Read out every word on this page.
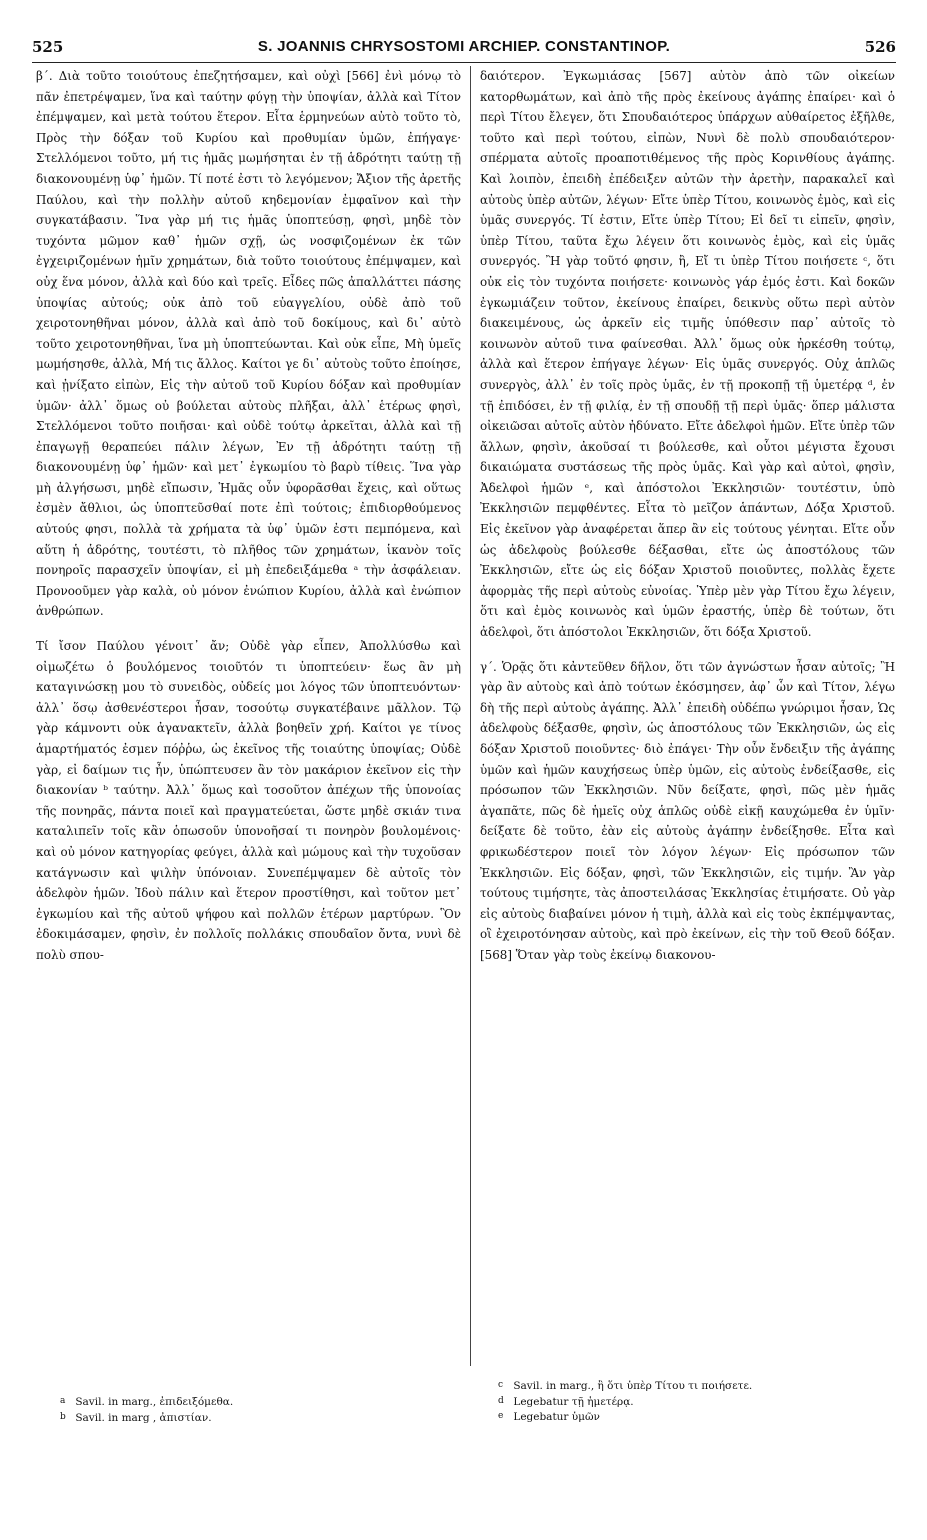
525	S. JOANNIS CHRYSOSTOMI ARCHIEP. CONSTANTINOP.	526

β΄. Διὰ τοῦτο τοιούτους ἐπεζητήσαμεν, καὶ οὐχὶ [566] ἐνὶ μόνῳ τὸ πᾶν ἐπετρέψαμεν, ἵνα καὶ ταύτην φύγῃ τὴν ὑποψίαν, ἀλλὰ καὶ Τίτον ἐπέμψαμεν, καὶ μετὰ τούτου ἕτερον. Εἶτα ἑρμηνεύων αὐτὸ τοῦτο τὸ, Πρὸς τὴν δόξαν τοῦ Κυρίου καὶ προθυμίαν ὑμῶν, ἐπήγαγε· Στελλόμενοι τοῦτο, μή τις ἡμᾶς μωμήσηται ἐν τῇ ἁδρότητι ταύτῃ τῇ διακονουμένῃ ὑφ᾽ ἡμῶν. Τί ποτέ ἐστι τὸ λεγόμενον; Ἄξιον τῆς ἀρετῆς Παύλου, καὶ τὴν πολλὴν αὐτοῦ κηδεμονίαν ἐμφαῖνον καὶ τὴν συγκατάβασιν. Ἵνα γὰρ μή τις ἡμᾶς ὑποπτεύσῃ, φησὶ, μηδὲ τὸν τυχόντα μῶμον καθ᾽ ἡμῶν σχῇ, ὡς νοσφιζομένων ἐκ τῶν ἐγχειριζομένων ἡμῖν χρημάτων, διὰ τοῦτο τοιούτους ἐπέμψαμεν, καὶ οὐχ ἕνα μόνον, ἀλλὰ καὶ δύο καὶ τρεῖς. Εἶδες πῶς ἀπαλλάττει πάσης ὑποψίας αὐτούς; οὐκ ἀπὸ τοῦ εὐαγγελίου, οὐδὲ ἀπὸ τοῦ χειροτονηθῆναι μόνον, ἀλλὰ καὶ ἀπὸ τοῦ δοκίμους, καὶ δι᾽ αὐτὸ τοῦτο χειροτονηθῆναι, ἵνα μὴ ὑποπτεύωνται. Καὶ οὐκ εἶπε, Μὴ ὑμεῖς μωμήσησθε, ἀλλὰ, Μή τις ἄλλος. Καίτοι γε δι᾽ αὐτοὺς τοῦτο ἐποίησε, καὶ ᾐνίξατο εἰπὼν, Εἰς τὴν αὐτοῦ τοῦ Κυρίου δόξαν καὶ προθυμίαν ὑμῶν· ἀλλ᾽ ὅμως οὐ βούλεται αὐτοὺς πλῆξαι, ἀλλ᾽ ἑτέρως φησὶ, Στελλόμενοι τοῦτο ποιῆσαι· καὶ οὐδὲ τούτῳ ἀρκεῖται, ἀλλὰ καὶ τῇ ἐπαγωγῇ θεραπεύει πάλιν λέγων, Ἐν τῇ ἁδρότητι ταύτῃ τῇ διακονουμένῃ ὑφ᾽ ἡμῶν· καὶ μετ᾽ ἐγκωμίου τὸ βαρὺ τίθεις. Ἵνα γὰρ μὴ ἀλγήσωσι, μηδὲ εἴπωσιν, Ἡμᾶς οὖν ὑφορᾶσθαι ἔχεις, καὶ οὕτως ἐσμὲν ἄθλιοι, ὡς ὑποπτεῦσθαί ποτε ἐπὶ τούτοις; ἐπιδιορθούμενος αὐτούς φησι, πολλὰ τὰ χρήματα τὰ ὑφ᾽ ὑμῶν ἐστι πεμπόμενα, καὶ αὕτη ἡ ἁδρότης, τουτέστι, τὸ πλῆθος τῶν χρημάτων, ἱκανὸν τοῖς πονηροῖς παρασχεῖν ὑποψίαν, εἰ μὴ ἐπεδειξάμεθα ᵃ τὴν ἀσφάλειαν. Προνοοῦμεν γὰρ καλὰ, οὐ μόνον ἐνώπιον Κυρίου, ἀλλὰ καὶ ἐνώπιον ἀνθρώπων.

Τί ἴσον Παύλου γένοιτ᾽ ἄν; Οὐδὲ γὰρ εἶπεν, Ἀπολλύσθω καὶ οἰμωζέτω ὁ βουλόμενος τοιοῦτόν τι ὑποπτεύειν· ἕως ἂν μὴ καταγινώσκῃ μου τὸ συνειδὸς, οὐδείς μοι λόγος τῶν ὑποπτευόντων· ἀλλ᾽ ὅσῳ ἀσθενέστεροι ἦσαν, τοσούτῳ συγκατέβαινε μᾶλλον. Τῷ γὰρ κάμνοντι οὐκ ἀγανακτεῖν, ἀλλὰ βοηθεῖν χρή. Καίτοι γε τίνος ἁμαρτήματός ἐσμεν πόῤῥω, ὡς ἐκεῖνος τῆς τοιαύτης ὑποψίας; Οὐδὲ γὰρ, εἰ δαίμων τις ἦν, ὑπώπτευσεν ἂν τὸν μακάριον ἐκεῖνον εἰς τὴν διακονίαν ᵇ ταύτην. Ἀλλ᾽ ὅμως καὶ τοσοῦτον ἀπέχων τῆς ὑπονοίας τῆς πονηρᾶς, πάντα ποιεῖ καὶ πραγματεύεται, ὥστε μηδὲ σκιάν τινα καταλιπεῖν τοῖς κἂν ὁπωσοῦν ὑπονοῆσαί τι πονηρὸν βουλομένοις· καὶ οὐ μόνον κατηγορίας φεύγει, ἀλλὰ καὶ μώμους καὶ τὴν τυχοῦσαν κατάγνωσιν καὶ ψιλὴν ὑπόνοιαν. Συνεπέμψαμεν δὲ αὐτοῖς τὸν ἀδελφὸν ἡμῶν. Ἰδοὺ πάλιν καὶ ἕτερον προστίθησι, καὶ τοῦτον μετ᾽ ἐγκωμίου καὶ τῆς αὐτοῦ ψήφου καὶ πολλῶν ἑτέρων μαρτύρων. Ὃν ἐδοκιμάσαμεν, φησὶν, ἐν πολλοῖς πολλάκις σπουδαῖον ὄντα, νυνὶ δὲ πολὺ σπου-

δαιότερον. Ἐγκωμιάσας [567] αὐτὸν ἀπὸ τῶν οἰκείων κατορθωμάτων, καὶ ἀπὸ τῆς πρὸς ἐκείνους ἀγάπης ἐπαίρει· καὶ ὁ περὶ Τίτου ἔλεγεν, ὅτι Σπουδαιότερος ὑπάρχων αὐθαίρετος ἐξῆλθε, τοῦτο καὶ περὶ τούτου, εἰπὼν, Νυνὶ δὲ πολὺ σπουδαιότερον· σπέρματα αὐτοῖς προαποτιθέμενος τῆς πρὸς Κορινθίους ἀγάπης. Καὶ λοιπὸν, ἐπειδὴ ἐπέδειξεν αὐτῶν τὴν ἀρετὴν, παρακαλεῖ καὶ αὐτοὺς ὑπὲρ αὐτῶν, λέγων· Εἴτε ὑπὲρ Τίτου, κοινωνὸς ἐμὸς, καὶ εἰς ὑμᾶς συνεργός. Τί ἐστιν, Εἴτε ὑπὲρ Τίτου; Εἰ δεῖ τι εἰπεῖν, φησὶν, ὑπὲρ Τίτου, ταῦτα ἔχω λέγειν ὅτι κοινωνὸς ἐμὸς, καὶ εἰς ὑμᾶς συνεργός. Ἢ γὰρ τοῦτό φησιν, ἢ, Εἴ τι ὑπὲρ Τίτου ποιήσετε ᶜ, ὅτι οὐκ εἰς τὸν τυχόντα ποιήσετε· κοινωνὸς γάρ ἐμός ἐστι. Καὶ δοκῶν ἐγκωμιάζειν τοῦτον, ἐκείνους ἐπαίρει, δεικνὺς οὕτω περὶ αὐτὸν διακειμένους, ὡς ἀρκεῖν εἰς τιμῆς ὑπόθεσιν παρ᾽ αὐτοῖς τὸ κοινωνὸν αὐτοῦ τινα φαίνεσθαι. Ἀλλ᾽ ὅμως οὐκ ἠρκέσθη τούτῳ, ἀλλὰ καὶ ἕτερον ἐπήγαγε λέγων· Εἰς ὑμᾶς συνεργός. Οὐχ ἁπλῶς συνεργὸς, ἀλλ᾽ ἐν τοῖς πρὸς ὑμᾶς, ἐν τῇ προκοπῇ τῇ ὑμετέρᾳ ᵈ, ἐν τῇ ἐπιδόσει, ἐν τῇ φιλίᾳ, ἐν τῇ σπουδῇ τῇ περὶ ὑμᾶς· ὅπερ μάλιστα οἰκειῶσαι αὐτοῖς αὐτὸν ἠδύνατο. Εἴτε ἀδελφοὶ ἡμῶν. Εἴτε ὑπὲρ τῶν ἄλλων, φησὶν, ἀκοῦσαί τι βούλεσθε, καὶ οὗτοι μέγιστα ἔχουσι δικαιώματα συστάσεως τῆς πρὸς ὑμᾶς. Καὶ γὰρ καὶ αὐτοὶ, φησὶν, Ἀδελφοὶ ἡμῶν ᵉ, καὶ ἀπόστολοι Ἐκκλησιῶν· τουτέστιν, ὑπὸ Ἐκκλησιῶν πεμφθέντες. Εἶτα τὸ μεῖζον ἁπάντων, Δόξα Χριστοῦ. Εἰς ἐκεῖνον γὰρ ἀναφέρεται ἅπερ ἂν εἰς τούτους γένηται. Εἴτε οὖν ὡς ἀδελφοὺς βούλεσθε δέξασθαι, εἴτε ὡς ἀποστόλους τῶν Ἐκκλησιῶν, εἴτε ὡς εἰς δόξαν Χριστοῦ ποιοῦντες, πολλὰς ἔχετε ἀφορμὰς τῆς περὶ αὐτοὺς εὐνοίας. Ὑπὲρ μὲν γὰρ Τίτου ἔχω λέγειν, ὅτι καὶ ἐμὸς κοινωνὸς καὶ ὑμῶν ἐραστής, ὑπὲρ δὲ τούτων, ὅτι ἀδελφοὶ, ὅτι ἀπόστολοι Ἐκκλησιῶν, ὅτι δόξα Χριστοῦ.

γ΄. Ὁρᾷς ὅτι κἀντεῦθεν δῆλον, ὅτι τῶν ἀγνώστων ἦσαν αὐτοῖς; Ἢ γὰρ ἂν αὐτοὺς καὶ ἀπὸ τούτων ἐκόσμησεν, ἀφ᾽ ὧν καὶ Τίτον, λέγω δὴ τῆς περὶ αὐτοὺς ἀγάπης. Ἀλλ᾽ ἐπειδὴ οὐδέπω γνώριμοι ἦσαν, Ὡς ἀδελφοὺς δέξασθε, φησὶν, ὡς ἀποστόλους τῶν Ἐκκλησιῶν, ὡς εἰς δόξαν Χριστοῦ ποιοῦντες· διὸ ἐπάγει· Τὴν οὖν ἔνδειξιν τῆς ἀγάπης ὑμῶν καὶ ἡμῶν καυχήσεως ὑπὲρ ὑμῶν, εἰς αὐτοὺς ἐνδείξασθε, εἰς πρόσωπον τῶν Ἐκκλησιῶν. Νῦν δείξατε, φησὶ, πῶς μὲν ἡμᾶς ἀγαπᾶτε, πῶς δὲ ἡμεῖς οὐχ ἁπλῶς οὐδὲ εἰκῇ καυχώμεθα ἐν ὑμῖν· δείξατε δὲ τοῦτο, ἐὰν εἰς αὐτοὺς ἀγάπην ἐνδείξησθε. Εἶτα καὶ φρικωδέστερον ποιεῖ τὸν λόγον λέγων· Εἰς πρόσωπον τῶν Ἐκκλησιῶν. Εἰς δόξαν, φησὶ, τῶν Ἐκκλησιῶν, εἰς τιμήν. Ἂν γὰρ τούτους τιμήσητε, τὰς ἀποστειλάσας Ἐκκλησίας ἐτιμήσατε. Οὐ γὰρ εἰς αὐτοὺς διαβαίνει μόνον ἡ τιμὴ, ἀλλὰ καὶ εἰς τοὺς ἐκπέμψαντας, οἳ ἐχειροτόνησαν αὐτοὺς, καὶ πρὸ ἐκείνων, εἰς τὴν τοῦ Θεοῦ δόξαν. [568] Ὅταν γὰρ τοὺς ἐκείνῳ διακονου-

a Savil. in marg., ἐπιδειξόμεθα.

b Savil. in marg , ἀπιστίαν.

c Savil. in marg., ἢ ὅτι ὑπὲρ Τίτου τι ποιήσετε.

d Legebatur τῇ ἡμετέρᾳ.

e Legebatur ὑμῶν
